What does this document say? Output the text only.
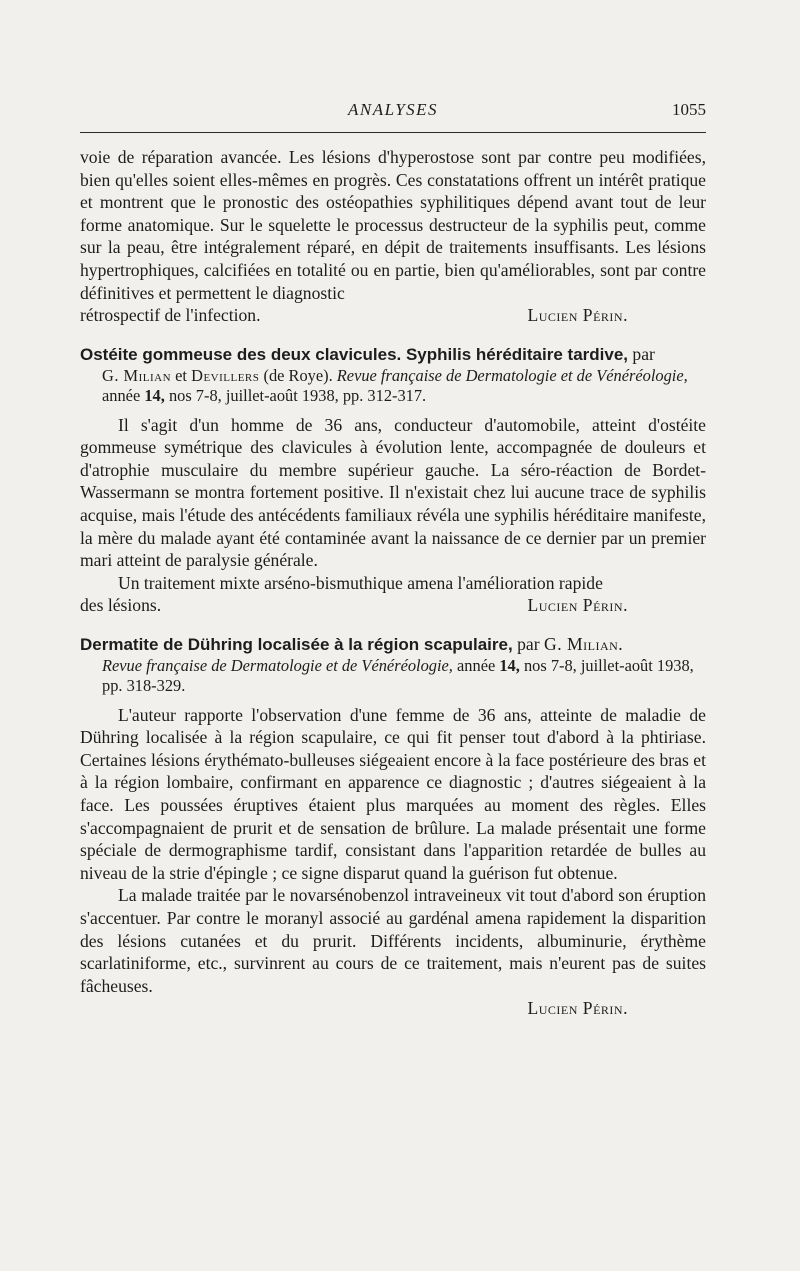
ANALYSES	1055

voie de réparation avancée. Les lésions d'hyperostose sont par contre peu modifiées, bien qu'elles soient elles-mêmes en progrès. Ces constatations offrent un intérêt pratique et montrent que le pronostic des ostéopathies syphilitiques dépend avant tout de leur forme anatomique. Sur le squelette le processus destructeur de la syphilis peut, comme sur la peau, être intégralement réparé, en dépit de traitements insuffisants. Les lésions hypertrophiques, calcifiées en totalité ou en partie, bien qu'améliorables, sont par contre définitives et permettent le diagnostic

rétrospectif de l'infection.	Lucien Périn.

Ostéite gommeuse des deux clavicules. Syphilis héréditaire tardive, par

G. Milian et Devillers (de Roye). Revue française de Dermatologie et de Vénéréologie, année 14, nos 7-8, juillet-août 1938, pp. 312-317.

Il s'agit d'un homme de 36 ans, conducteur d'automobile, atteint d'ostéite gommeuse symétrique des clavicules à évolution lente, accompagnée de douleurs et d'atrophie musculaire du membre supérieur gauche. La séro-réaction de Bordet-Wassermann se montra fortement positive. Il n'existait chez lui aucune trace de syphilis acquise, mais l'étude des antécédents familiaux révéla une syphilis héréditaire manifeste, la mère du malade ayant été contaminée avant la naissance de ce dernier par un premier mari atteint de paralysie générale.

Un traitement mixte arséno-bismuthique amena l'amélioration rapide

des lésions.	Lucien Périn.

Dermatite de Dühring localisée à la région scapulaire, par G. Milian.

Revue française de Dermatologie et de Vénéréologie, année 14, nos 7-8, juillet-août 1938, pp. 318-329.

L'auteur rapporte l'observation d'une femme de 36 ans, atteinte de maladie de Dühring localisée à la région scapulaire, ce qui fit penser tout d'abord à la phtiriase. Certaines lésions érythémato-bulleuses siégeaient encore à la face postérieure des bras et à la région lombaire, confirmant en apparence ce diagnostic ; d'autres siégeaient à la face. Les poussées éruptives étaient plus marquées au moment des règles. Elles s'accompagnaient de prurit et de sensation de brûlure. La malade présentait une forme spéciale de dermographisme tardif, consistant dans l'apparition retardée de bulles au niveau de la strie d'épingle ; ce signe disparut quand la guérison fut obtenue.

La malade traitée par le novarsénobenzol intraveineux vit tout d'abord son éruption s'accentuer. Par contre le moranyl associé au gardénal amena rapidement la disparition des lésions cutanées et du prurit. Différents incidents, albuminurie, érythème scarlatiniforme, etc., survinrent au cours de ce traitement, mais n'eurent pas de suites fâcheuses.

Lucien Périn.
